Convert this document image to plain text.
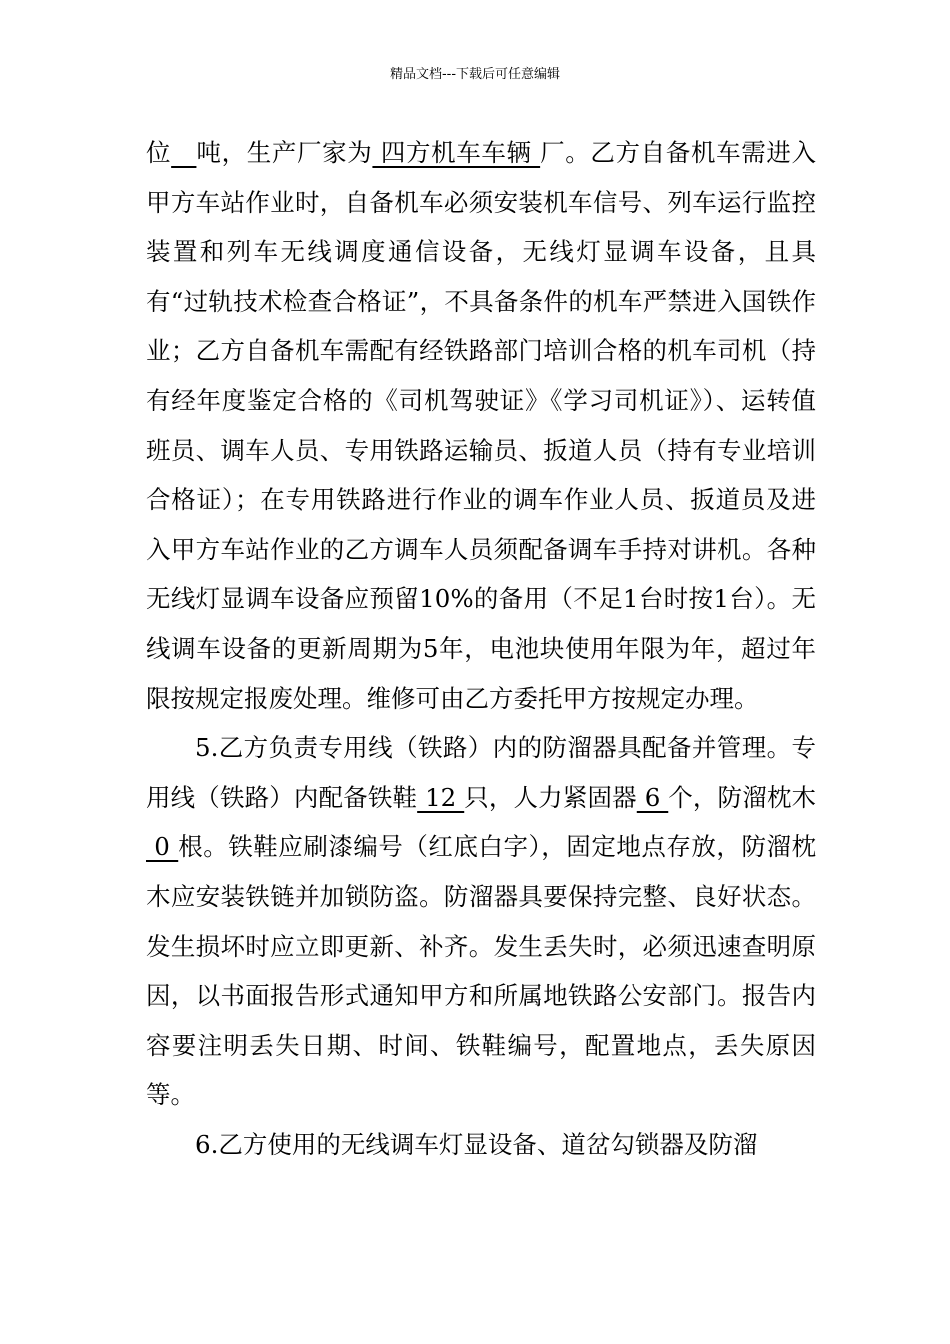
精品文档---下载后可任意编辑

位 吨，生产厂家为 四方机车车辆 厂。乙方自备机车需进入甲方车站作业时，自备机车必须安装机车信号、列车运行监控装置和列车无线调度通信设备，无线灯显调车设备，且具有“过轨技术检查合格证”，不具备条件的机车严禁进入国铁作业；乙方自备机车需配有经铁路部门培训合格的机车司机（持有经年度鉴定合格的《司机驾驶证》《学习司机证》）、运转值班员、调车人员、专用铁路运输员、扳道人员（持有专业培训合格证）；在专用铁路进行作业的调车作业人员、扳道员及进入甲方车站作业的乙方调车人员须配备调车手持对讲机。各种无线灯显调车设备应预留10%的备用（不足1台时按1台）。无线调车设备的更新周期为5年，电池块使用年限为年，超过年限按规定报废处理。维修可由乙方委托甲方按规定办理。

5.乙方负责专用线（铁路）内的防溜器具配备并管理。专用线（铁路）内配备铁鞋 12 只，人力紧固器 6 个，防溜枕木 0 根。铁鞋应刷漆编号（红底白字），固定地点存放，防溜枕木应安装铁链并加锁防盗。防溜器具要保持完整、良好状态。发生损坏时应立即更新、补齐。发生丢失时，必须迅速查明原因，以书面报告形式通知甲方和所属地铁路公安部门。报告内容要注明丢失日期、时间、铁鞋编号，配置地点，丢失原因等。

6.乙方使用的无线调车灯显设备、道岔勾锁器及防溜
